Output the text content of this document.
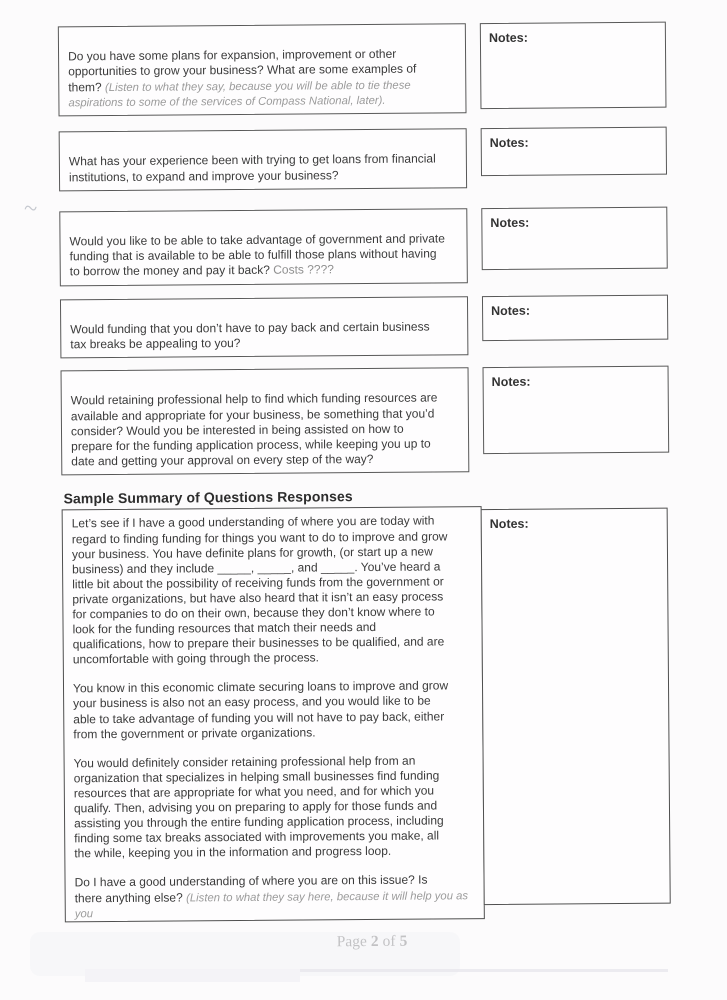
~

Do you have some plans for expansion, improvement or other
opportunities to grow your business? What are some examples of
them? (Listen to what they say, because you will be able to tie these aspirations to some of the services of Compass National, later).

Notes:

What has your experience been with trying to get loans from financial
institutions, to expand and improve your business?

Notes:

Would you like to be able to take advantage of government and private
funding that is available to be able to fulfill those plans without having
to borrow the money and pay it back? Costs ????

Notes:

Would funding that you don’t have to pay back and certain business
tax breaks be appealing to you?

Notes:

Would retaining professional help to find which funding resources are
available and appropriate for your business, be something that you’d
consider? Would you be interested in being assisted on how to
prepare for the funding application process, while keeping you up to
date and getting your approval on every step of the way?

Notes:
Sample Summary of Questions Responses

Let’s see if I have a good understanding of where you are today with
regard to finding funding for things you want to do to improve and grow
your business. You have definite plans for growth, (or start up a new
business) and they include _____, _____, and _____. You’ve heard a
little bit about the possibility of receiving funds from the government or
private organizations, but have also heard that it isn’t an easy process
for companies to do on their own, because they don’t know where to
look for the funding resources that match their needs and
qualifications, how to prepare their businesses to be qualified, and are
uncomfortable with going through the process.

You know in this economic climate securing loans to improve and grow
your business is also not an easy process, and you would like to be
able to take advantage of funding you will not have to pay back, either
from the government or private organizations.

You would definitely consider retaining professional help from an
organization that specializes in helping small businesses find funding
resources that are appropriate for what you need, and for which you
qualify. Then, advising you on preparing to apply for those funds and
assisting you through the entire funding application process, including
finding some tax breaks associated with improvements you make, all
the while, keeping you in the information and progress loop.

Do I have a good understanding of where you are on this issue? Is
there anything else? (Listen to what they say here, because it will help you as you

Notes:
